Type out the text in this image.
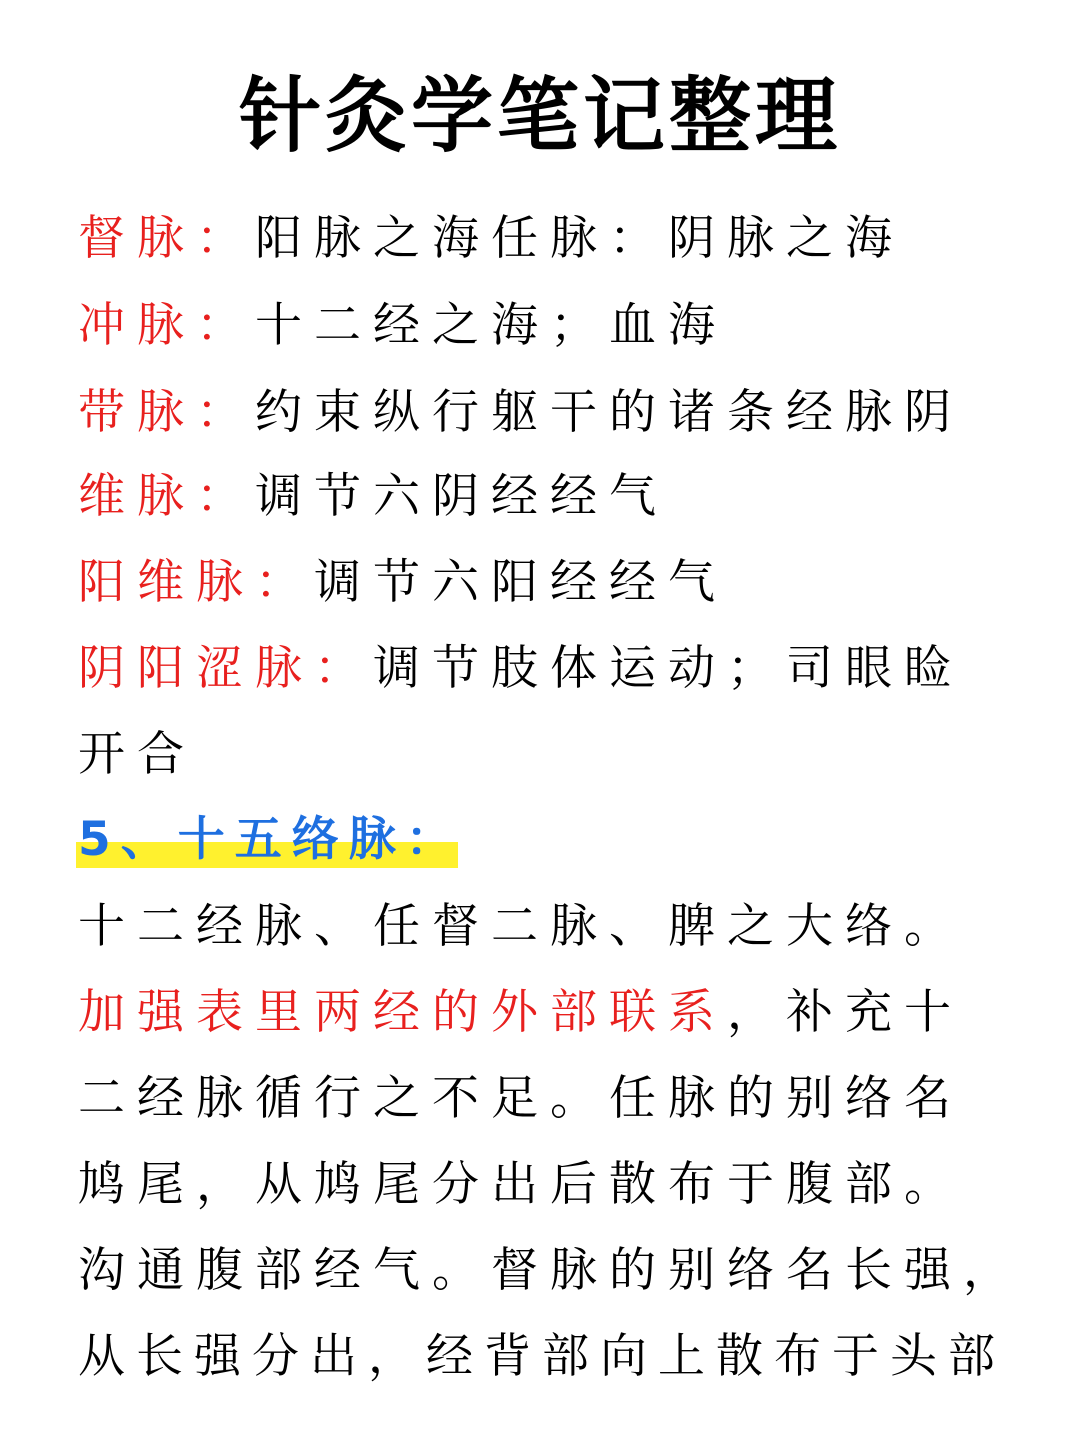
针灸学笔记整理
督脉：阳脉之海任脉：阴脉之海
冲脉：十二经之海；血海
带脉：约束纵行躯干的诸条经脉阴
维脉：调节六阴经经气
阳维脉：调节六阳经经气
阴阳涩脉：调节肢体运动；司眼睑
开合
5、十五络脉：
十二经脉、任督二脉、脾之大络。
加强表里两经的外部联系，补充十
二经脉循行之不足。任脉的别络名
鸠尾，从鸠尾分出后散布于腹部。
沟通腹部经气。督脉的别络名长强，
从长强分出，经背部向上散布于头部
